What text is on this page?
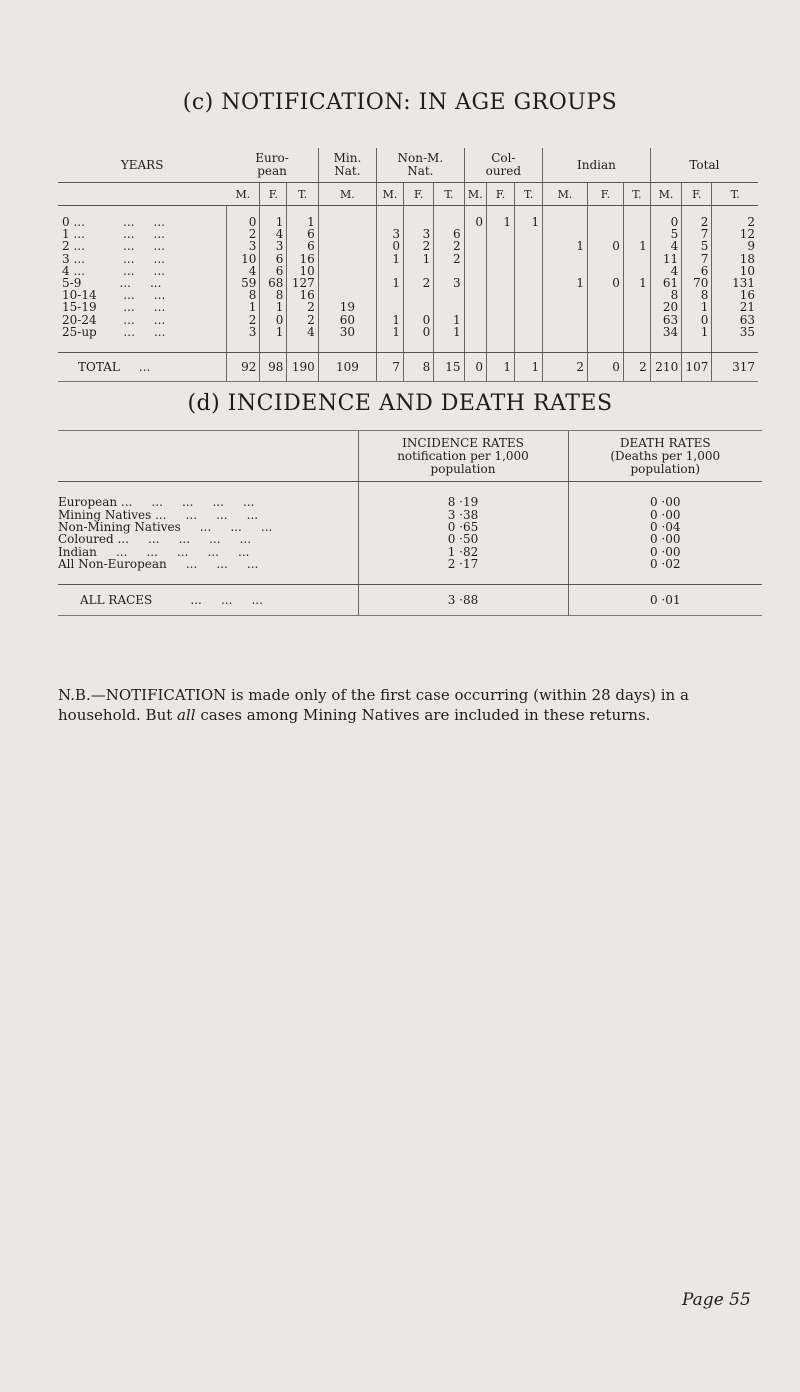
(c) NOTIFICATION: IN AGE GROUPS
YEARS	Euro-
pean			Min.
Nat.	Non-M.
Nat.			Col-
oured			Indian			Total		
	M.	F.	T.	M.	M.	F.	T.	M.	F.	T.	M.	F.	T.	M.	F.	T.
0 ...          ...     ...	0	1	1					0	1	1				0	2	2
1 ...          ...     ...	2	4	6		3	3	6							5	7	12
2 ...          ...     ...	3	3	6		0	2	2				1	0	1	4	5	9
3 ...          ...     ...	10	6	16		1	1	2							11	7	18
4 ...          ...     ...	4	6	10											4	6	10
5-9          ...     ...	59	68	127		1	2	3				1	0	1	61	70	131
10-14       ...     ...	8	8	16											8	8	16
15-19       ...     ...	1	1	2	19										20	1	21
20-24       ...     ...	2	0	2	60	1	0	1							63	0	63
25-up       ...     ...	3	1	4	30	1	0	1							34	1	35
TOTAL     ...	92	98	190	109	7	8	15	0	1	1	2	0	2	210	107	317
(d) INCIDENCE AND DEATH RATES
	INCIDENCE RATES
notification per 1,000
population	DEATH RATES
(Deaths per 1,000
population)
European ...     ...     ...     ...     ...	8 ·19	0 ·00
Mining Natives ...     ...     ...     ...	3 ·38	0 ·00
Non-Mining Natives     ...     ...     ...	0 ·65	0 ·04
Coloured ...     ...     ...     ...     ...	0 ·50	0 ·00
Indian     ...     ...     ...     ...     ...	1 ·82	0 ·00
All Non-European     ...     ...     ...	2 ·17	0 ·02
ALL RACES          ...     ...     ...	3 ·88	0 ·01
N.B.—NOTIFICATION is made only of the first case occurring (within 28 days) in a household. But all cases among Mining Natives are included in these returns.
Page 55
